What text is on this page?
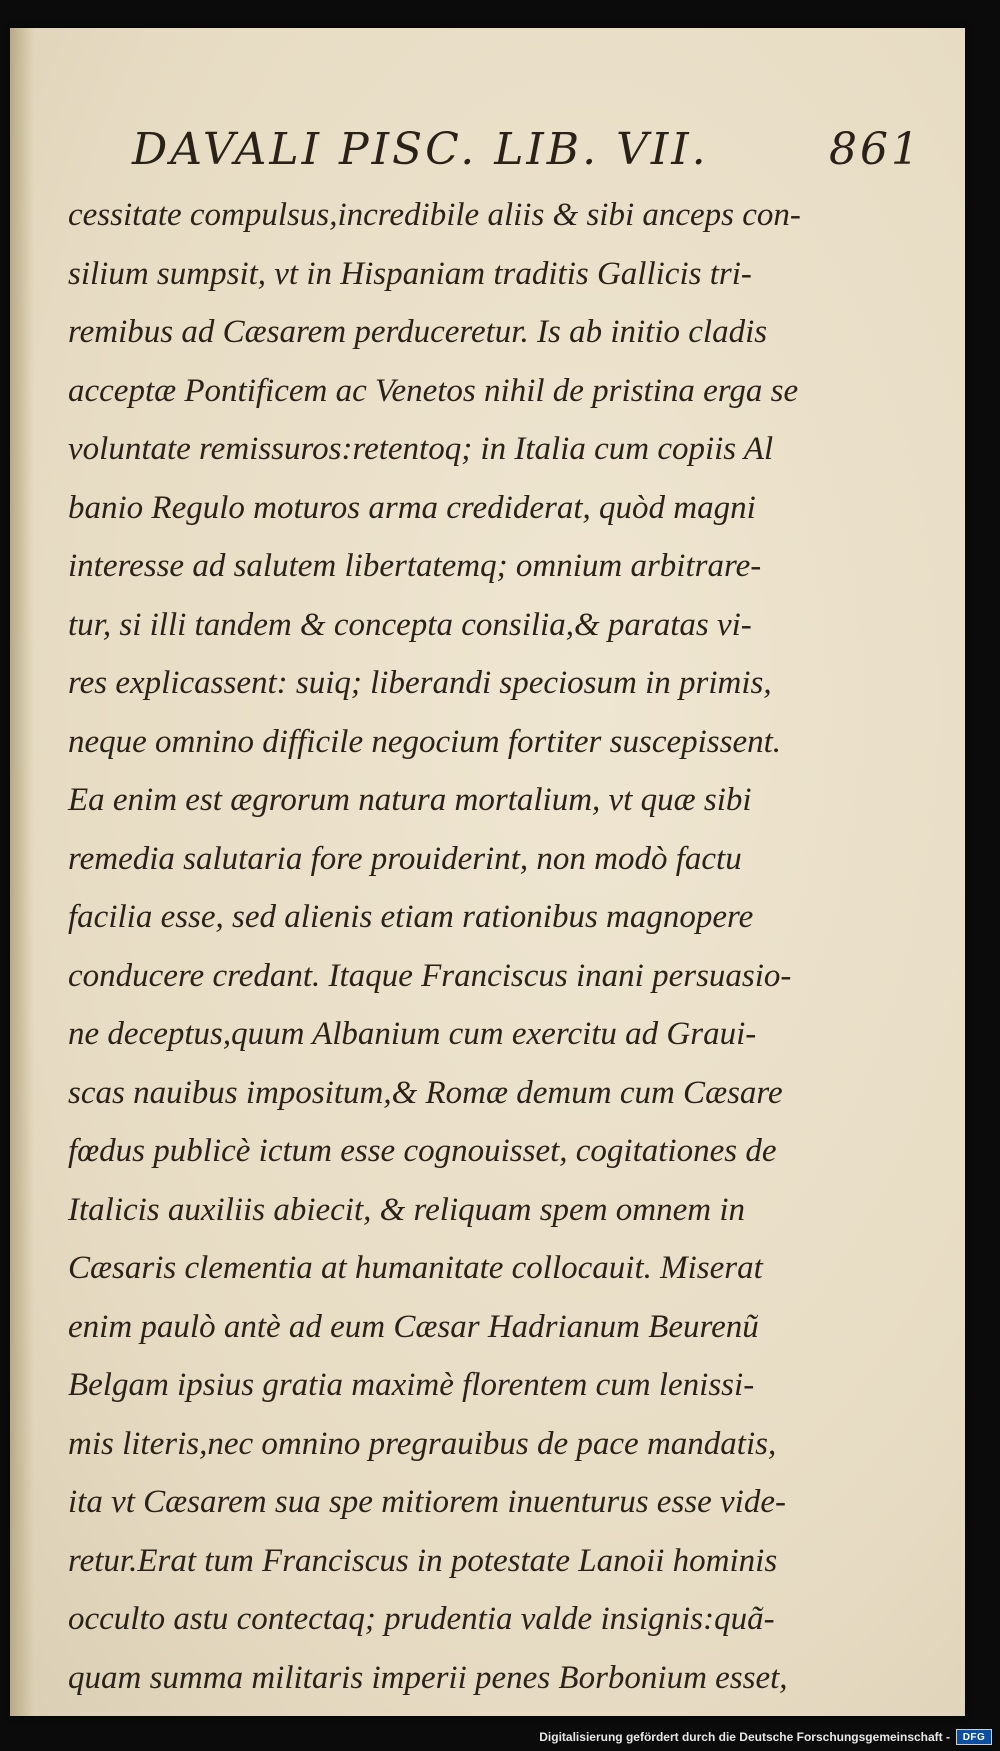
DAVALI PISC. LIB. VII.	861
cessitate compulsus,incredibile aliis & sibi anceps con-
silium sumpsit, vt in Hispaniam traditis Gallicis tri-
remibus ad Cæsarem perduceretur. Is ab initio cladis
acceptæ Pontificem ac Venetos nihil de pristina erga se
voluntate remissuros:retentoq; in Italia cum copiis Al
banio Regulo moturos arma crediderat, quòd magni
interesse ad salutem libertatemq; omnium arbitrare-
tur, si illi tandem & concepta consilia,& paratas vi-
res explicassent: suiq; liberandi speciosum in primis,
neque omnino difficile negocium fortiter suscepissent.
Ea enim est ægrorum natura mortalium, vt quæ sibi
remedia salutaria fore prouiderint, non modò factu
facilia esse, sed alienis etiam rationibus magnopere
conducere credant. Itaque Franciscus inani persuasio-
ne deceptus,quum Albanium cum exercitu ad Graui-
scas nauibus impositum,& Romæ demum cum Cæsare
fœdus publicè ictum esse cognouisset, cogitationes de
Italicis auxiliis abiecit, & reliquam spem omnem in
Cæsaris clementia at humanitate collocauit. Miserat
enim paulò antè ad eum Cæsar Hadrianum Beurenũ
Belgam ipsius gratia maximè florentem cum lenissi-
mis literis,nec omnino pregrauibus de pace mandatis,
ita vt Cæsarem sua spe mitiorem inuenturus esse vide-
retur.Erat tum Franciscus in potestate Lanoii hominis
occulto astu contectaq; prudentia valde insignis:quã-
quam summa militaris imperii penes Borbonium esset,
Digitalisierung gefördert durch die Deutsche Forschungsgemeinschaft - DFG
